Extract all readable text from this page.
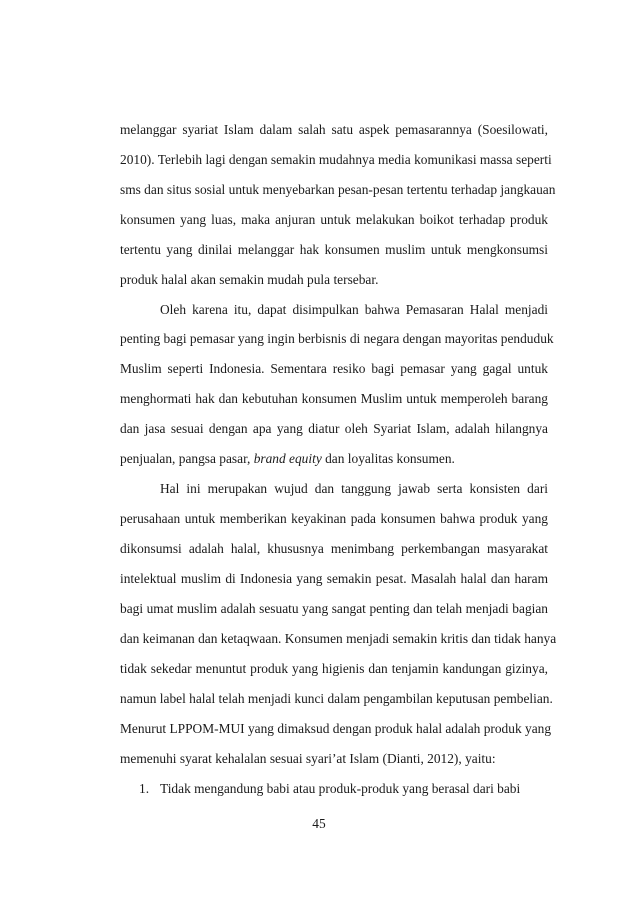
melanggar syariat Islam dalam salah satu aspek pemasarannya (Soesilowati,
2010). Terlebih lagi dengan semakin mudahnya media komunikasi massa seperti
sms dan situs sosial untuk menyebarkan pesan-pesan tertentu terhadap jangkauan
konsumen yang luas, maka anjuran untuk melakukan boikot terhadap produk
tertentu yang dinilai melanggar hak konsumen muslim untuk mengkonsumsi
produk halal akan semakin mudah pula tersebar.
Oleh karena itu, dapat disimpulkan bahwa Pemasaran Halal menjadi
penting bagi pemasar yang ingin berbisnis di negara dengan mayoritas penduduk
Muslim seperti Indonesia. Sementara resiko bagi pemasar yang gagal untuk
menghormati hak dan kebutuhan konsumen Muslim untuk memperoleh barang
dan jasa sesuai dengan apa yang diatur oleh Syariat Islam, adalah hilangnya
penjualan, pangsa pasar, brand equity dan loyalitas konsumen.
Hal ini merupakan wujud dan tanggung jawab serta konsisten dari
perusahaan untuk memberikan keyakinan pada konsumen bahwa produk yang
dikonsumsi adalah halal, khususnya menimbang perkembangan masyarakat
intelektual muslim di Indonesia yang semakin pesat. Masalah halal dan haram
bagi umat muslim adalah sesuatu yang sangat penting dan telah menjadi bagian
dan keimanan dan ketaqwaan. Konsumen menjadi semakin kritis dan tidak hanya
tidak sekedar menuntut produk yang higienis dan tenjamin kandungan gizinya,
namun label halal telah menjadi kunci dalam pengambilan keputusan pembelian.
Menurut LPPOM-MUI yang dimaksud dengan produk halal adalah produk yang
memenuhi syarat kehalalan sesuai syari’at Islam (Dianti, 2012), yaitu:
1. Tidak mengandung babi atau produk-produk yang berasal dari babi
45
